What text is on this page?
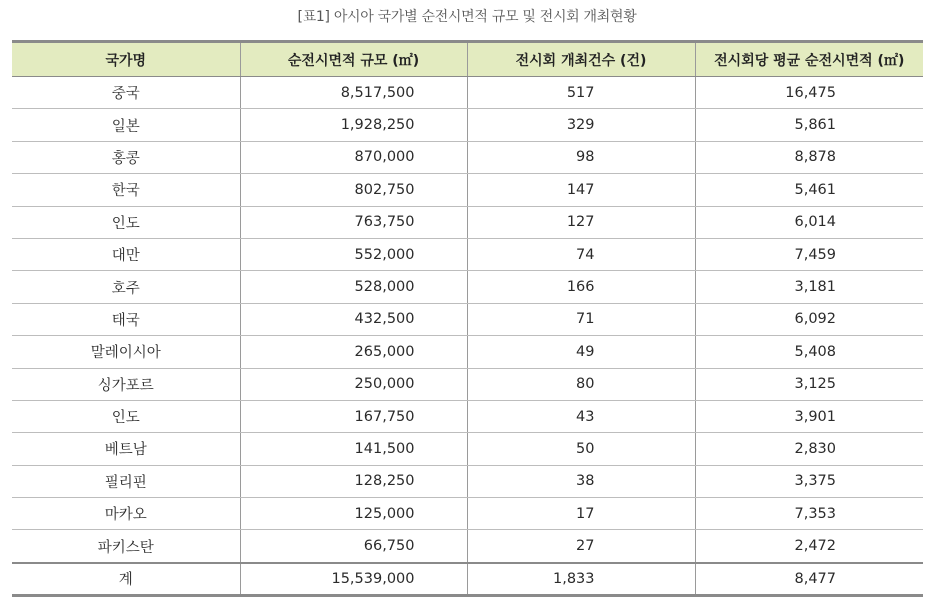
[표1] 아시아 국가별 순전시면적 규모 및 전시회 개최현황
국가명	순전시면적 규모 (㎡)	전시회 개최건수 (건)	전시회당 평균 순전시면적 (㎡)
중국	8,517,500	517	16,475
일본	1,928,250	329	5,861
홍콩	870,000	98	8,878
한국	802,750	147	5,461
인도	763,750	127	6,014
대만	552,000	74	7,459
호주	528,000	166	3,181
태국	432,500	71	6,092
말레이시아	265,000	49	5,408
싱가포르	250,000	80	3,125
인도	167,750	43	3,901
베트남	141,500	50	2,830
필리핀	128,250	38	3,375
마카오	125,000	17	7,353
파키스탄	66,750	27	2,472
계	15,539,000	1,833	8,477
